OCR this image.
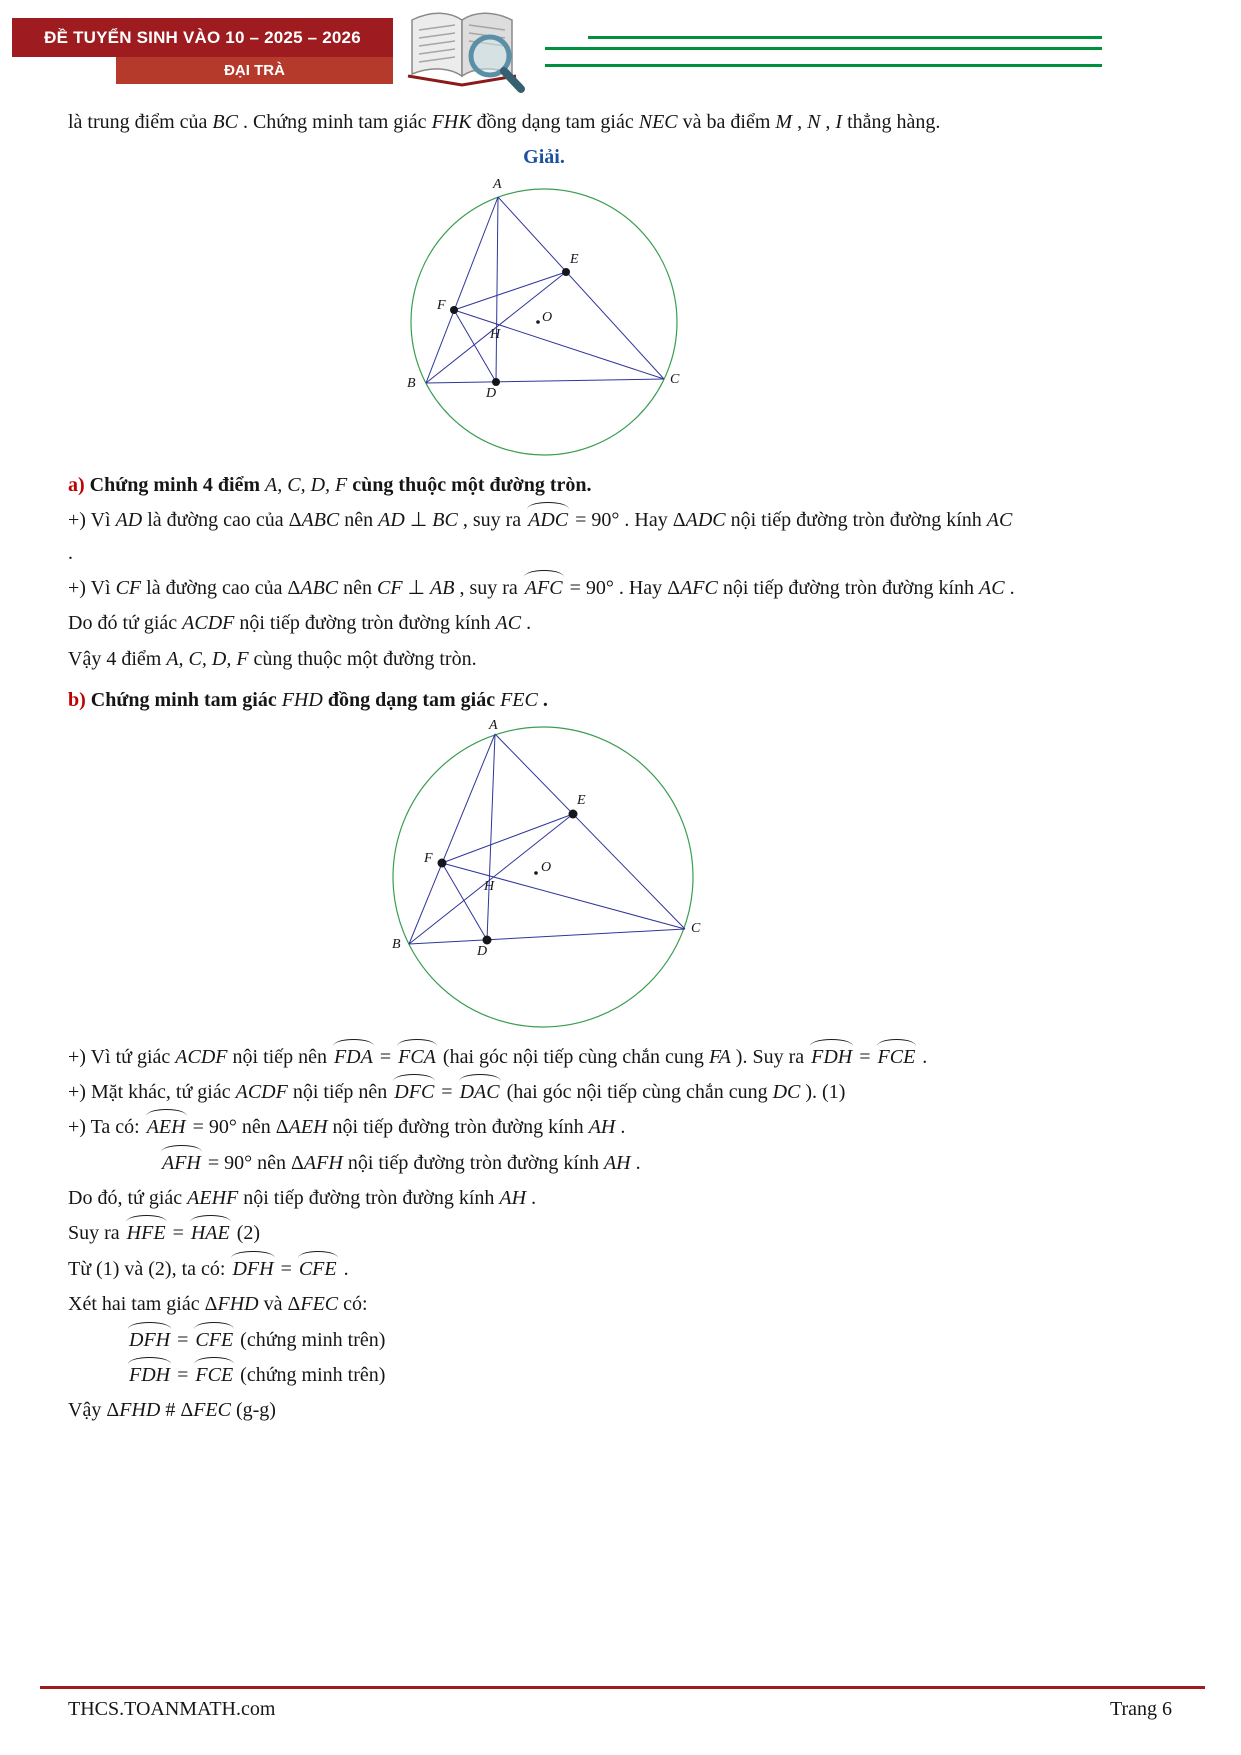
ĐỀ TUYỂN SINH VÀO 10 – 2025 – 2026
ĐẠI TRÀ

là trung điểm của BC . Chứng minh tam giác FHK đồng dạng tam giác NEC và ba điểm M , N , I thẳng hàng.

Giải.

A
B	C
D
E
F
H
O

a) Chứng minh 4 điểm A, C, D, F cùng thuộc một đường tròn.

+) Vì AD là đường cao của ΔABC nên AD ⊥ BC , suy ra ADC = 90° . Hay ΔADC nội tiếp đường tròn đường kính AC .

+) Vì CF là đường cao của ΔABC nên CF ⊥ AB , suy ra AFC = 90° . Hay ΔAFC nội tiếp đường tròn đường kính AC .

Do đó tứ giác ACDF nội tiếp đường tròn đường kính AC .

Vậy 4 điểm A, C, D, F cùng thuộc một đường tròn.

b) Chứng minh tam giác FHD đồng dạng tam giác FEC .

A
B
C
D
E
F
H
O

+) Vì tứ giác ACDF nội tiếp nên FDA = FCA (hai góc nội tiếp cùng chắn cung FA ). Suy ra FDH = FCE .

+) Mặt khác, tứ giác ACDF nội tiếp nên DFC = DAC (hai góc nội tiếp cùng chắn cung DC ). (1)

+) Ta có: AEH = 90° nên ΔAEH nội tiếp đường tròn đường kính AH .

AFH = 90° nên ΔAFH nội tiếp đường tròn đường kính AH .

Do đó, tứ giác AEHF nội tiếp đường tròn đường kính AH .

Suy ra HFE = HAE (2)

Từ (1) và (2), ta có: DFH = CFE .

Xét hai tam giác ΔFHD và ΔFEC có:

DFH = CFE (chứng minh trên)

FDH = FCE (chứng minh trên)

Vậy ΔFHD # ΔFEC (g-g)

THCS.TOANMATH.com	Trang 6
